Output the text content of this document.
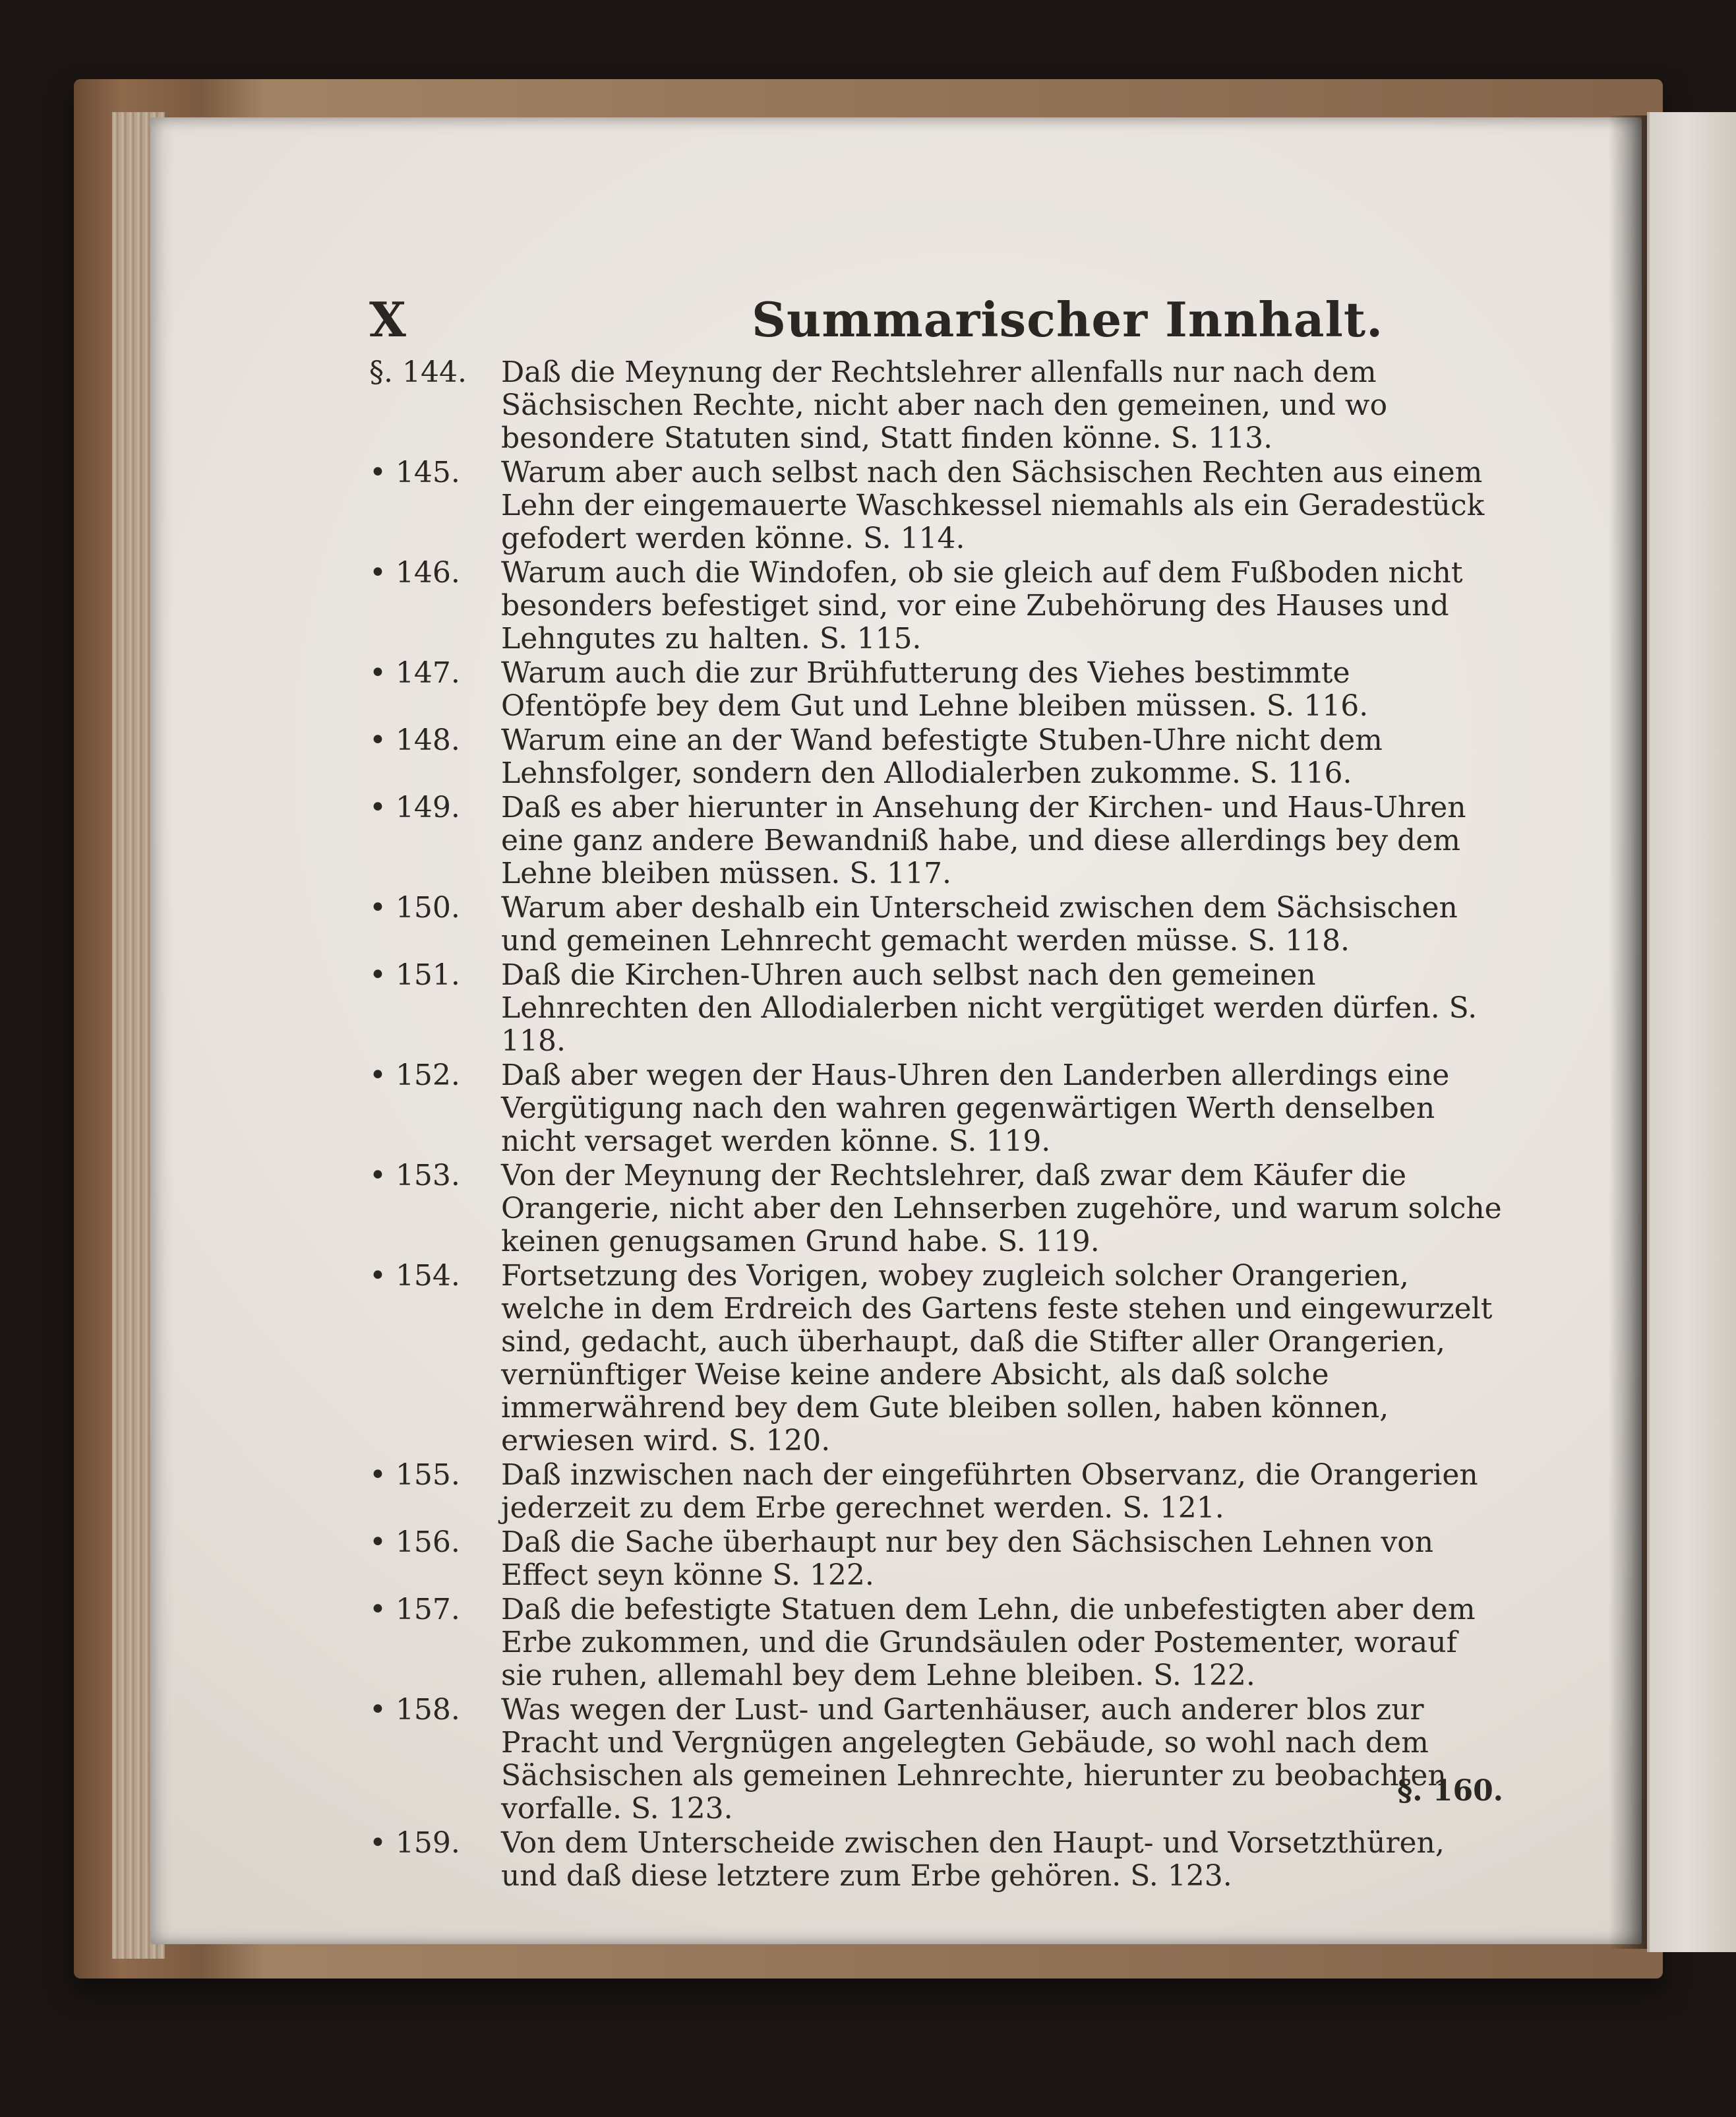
X	Summarischer Innhalt.
§. 144.	Daß die Meynung der Rechtslehrer allenfalls nur nach dem Sächsischen Rechte, nicht aber nach den gemeinen, und wo besondere Statuten sind, Statt finden könne. S. 113.
• 145.	Warum aber auch selbst nach den Sächsischen Rechten aus einem Lehn der eingemauerte Waschkessel niemahls als ein Geradestück gefodert werden könne. S. 114.
• 146.	Warum auch die Windofen, ob sie gleich auf dem Fußboden nicht besonders befestiget sind, vor eine Zubehörung des Hauses und Lehngutes zu halten. S. 115.
• 147.	Warum auch die zur Brühfutterung des Viehes bestimmte Ofentöpfe bey dem Gut und Lehne bleiben müssen. S. 116.
• 148.	Warum eine an der Wand befestigte Stuben-Uhre nicht dem Lehnsfolger, sondern den Allodialerben zukomme. S. 116.
• 149.	Daß es aber hierunter in Ansehung der Kirchen- und Haus-Uhren eine ganz andere Bewandniß habe, und diese allerdings bey dem Lehne bleiben müssen. S. 117.
• 150.	Warum aber deshalb ein Unterscheid zwischen dem Sächsischen und gemeinen Lehnrecht gemacht werden müsse. S. 118.
• 151.	Daß die Kirchen-Uhren auch selbst nach den gemeinen Lehnrechten den Allodialerben nicht vergütiget werden dürfen. S. 118.
• 152.	Daß aber wegen der Haus-Uhren den Landerben allerdings eine Vergütigung nach den wahren gegenwärtigen Werth denselben nicht versaget werden könne. S. 119.
• 153.	Von der Meynung der Rechtslehrer, daß zwar dem Käufer die Orangerie, nicht aber den Lehnserben zugehöre, und warum solche keinen genugsamen Grund habe. S. 119.
• 154.	Fortsetzung des Vorigen, wobey zugleich solcher Orangerien, welche in dem Erdreich des Gartens feste stehen und eingewurzelt sind, gedacht, auch überhaupt, daß die Stifter aller Orangerien, vernünftiger Weise keine andere Absicht, als daß solche immerwährend bey dem Gute bleiben sollen, haben können, erwiesen wird. S. 120.
• 155.	Daß inzwischen nach der eingeführten Observanz, die Orangerien jederzeit zu dem Erbe gerechnet werden. S. 121.
• 156.	Daß die Sache überhaupt nur bey den Sächsischen Lehnen von Effect seyn könne S. 122.
• 157.	Daß die befestigte Statuen dem Lehn, die unbefestigten aber dem Erbe zukommen, und die Grundsäulen oder Postementer, worauf sie ruhen, allemahl bey dem Lehne bleiben. S. 122.
• 158.	Was wegen der Lust- und Gartenhäuser, auch anderer blos zur Pracht und Vergnügen angelegten Gebäude, so wohl nach dem Sächsischen als gemeinen Lehnrechte, hierunter zu beobachten vorfalle. S. 123.
• 159.	Von dem Unterscheide zwischen den Haupt- und Vorsetzthüren, und daß diese letztere zum Erbe gehören. S. 123.
§. 160.
